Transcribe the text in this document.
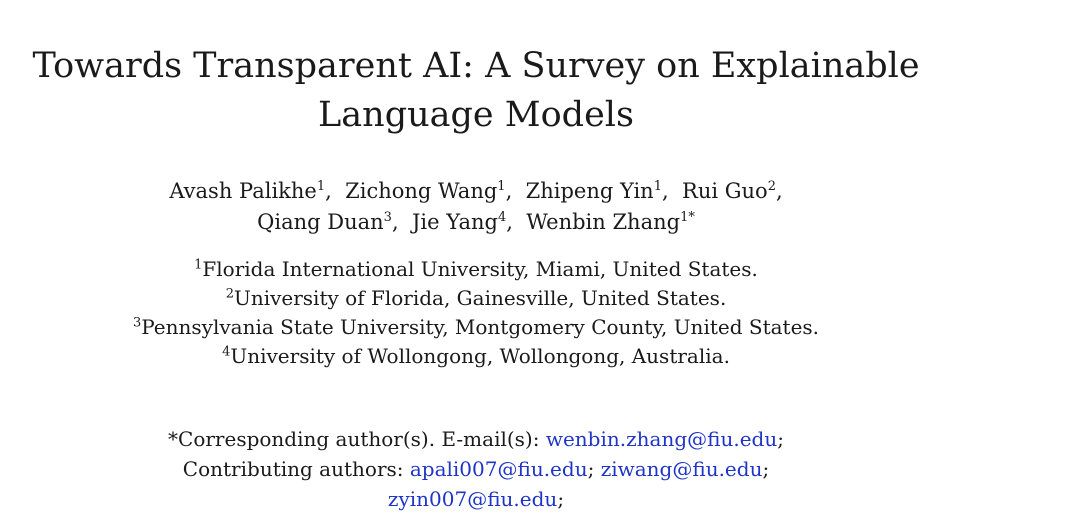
Towards Transparent AI: A Survey on Explainable
Language Models
Avash Palikhe$^1$,  Zichong Wang$^1$,  Zhipeng Yin$^1$,  Rui Guo$^2$,
Qiang Duan$^3$,  Jie Yang$^4$,  Wenbin Zhang$^{1*}$
$^1$Florida International University, Miami, United States.
$^2$University of Florida, Gainesville, United States.
$^3$Pennsylvania State University, Montgomery County, United States.
$^4$University of Wollongong, Wollongong, Australia.
*Corresponding author(s). E-mail(s): wenbin.zhang@fiu.edu;
Contributing authors: apali007@fiu.edu; ziwang@fiu.edu;
zyin007@fiu.edu;
